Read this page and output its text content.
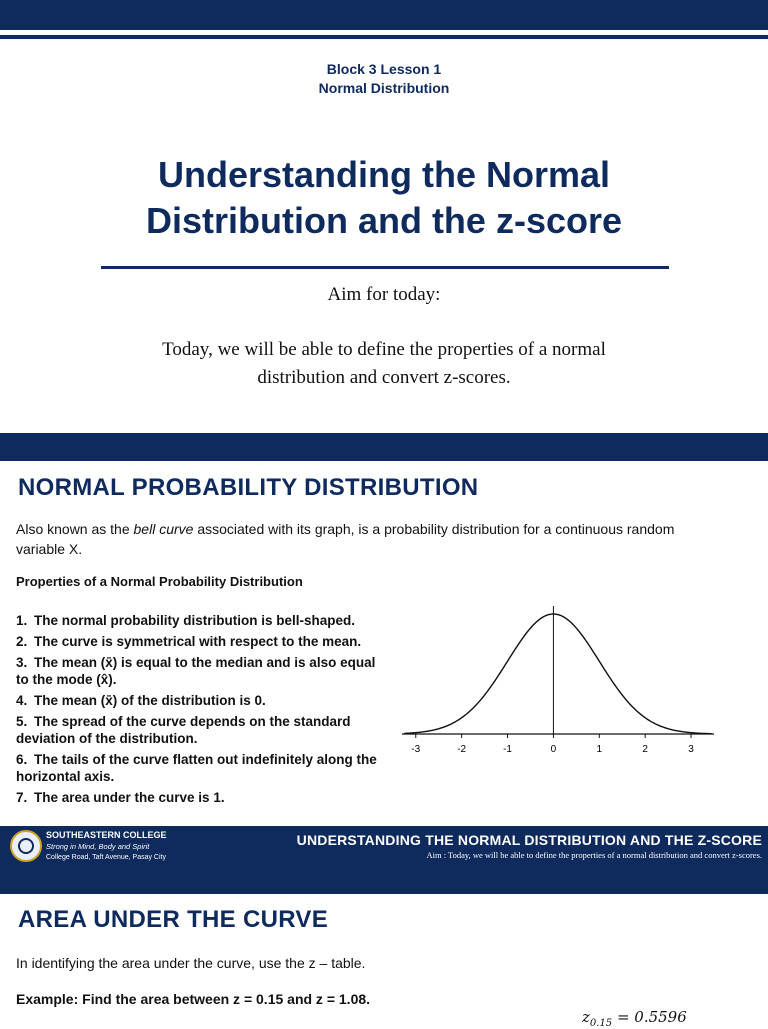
Block 3 Lesson 1
Normal Distribution
Understanding the Normal Distribution and the z-score
Aim for today:
Today, we will be able to define the properties of a normal distribution and convert z-scores.
NORMAL PROBABILITY DISTRIBUTION
Also known as the bell curve associated with its graph, is a probability distribution for a continuous random variable X.
Properties of a Normal Probability Distribution
1. The normal probability distribution is bell-shaped.
2. The curve is symmetrical with respect to the mean.
3. The mean (x̄) is equal to the median and is also equal to the mode (x̂).
4. The mean (x̄) of the distribution is 0.
5. The spread of the curve depends on the standard deviation of the distribution.
6. The tails of the curve flatten out indefinitely along the horizontal axis.
7. The area under the curve is 1.
-3	-2	-1	0	1	2	3
SOUTHEASTERN COLLEGE
Strong in Mind, Body and Spirit
College Road, Taft Avenue, Pasay City
UNDERSTANDING THE NORMAL DISTRIBUTION AND THE Z-SCORE
Aim : Today, we will be able to define the properties of a normal distribution and convert z-scores.
AREA UNDER THE CURVE
In identifying the area under the curve, use the z – table.
Example: Find the area between z = 0.15 and z = 1.08.
$z_{0.15} = 0.5596$
